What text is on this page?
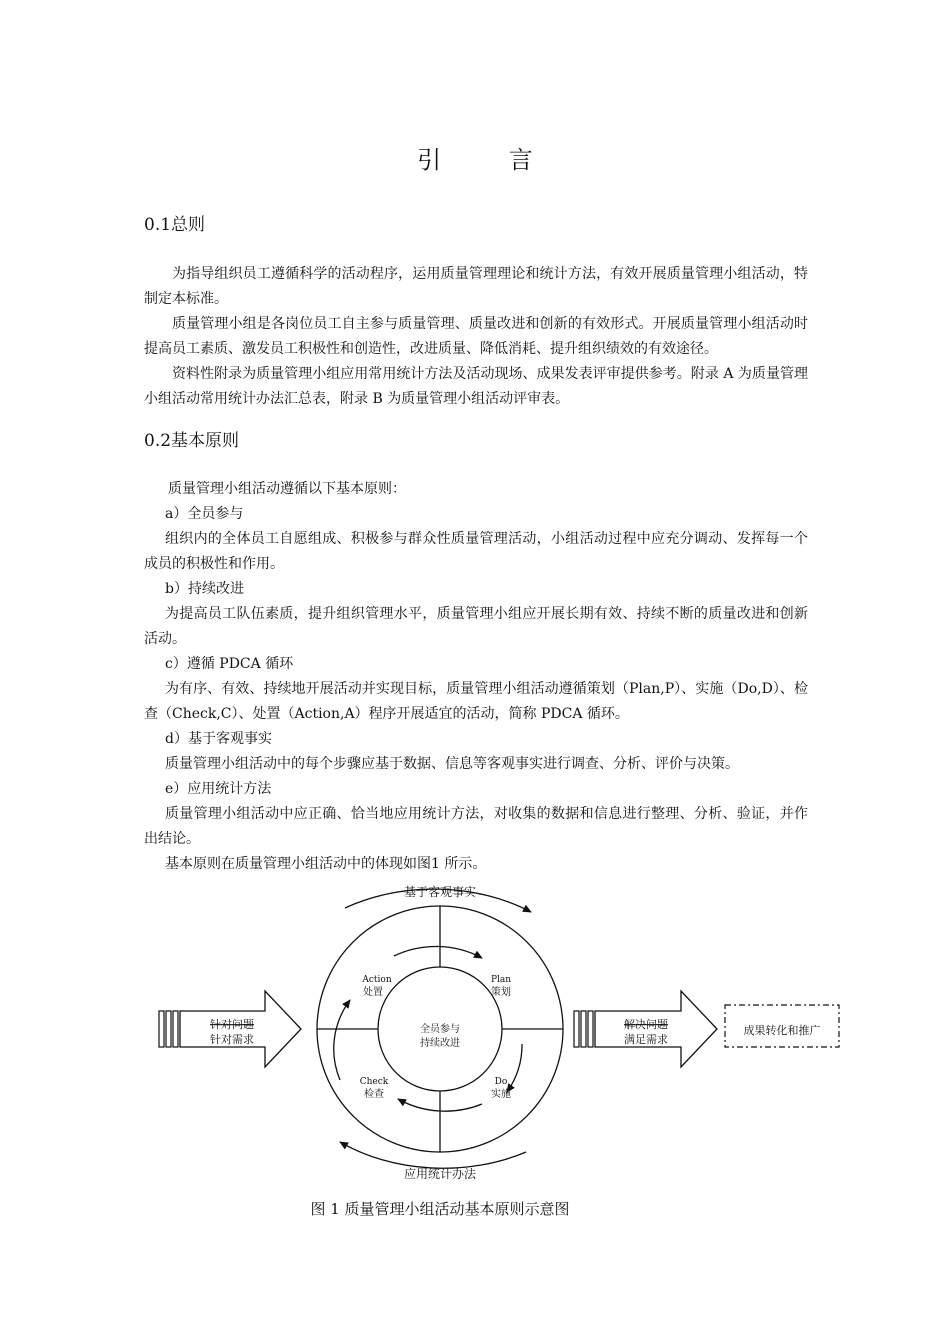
引 言
0.1总则
为指导组织员工遵循科学的活动程序，运用质量管理理论和统计方法，有效开展质量管理小组活动，特制定本标准。
质量管理小组是各岗位员工自主参与质量管理、质量改进和创新的有效形式。开展质量管理小组活动时提高员工素质、激发员工积极性和创造性，改进质量、降低消耗、提升组织绩效的有效途径。
资料性附录为质量管理小组应用常用统计方法及活动现场、成果发表评审提供参考。附录 A 为质量管理小组活动常用统计办法汇总表，附录 B 为质量管理小组活动评审表。
0.2基本原则
质量管理小组活动遵循以下基本原则：
a）全员参与
组织内的全体员工自愿组成、积极参与群众性质量管理活动，小组活动过程中应充分调动、发挥每一个成员的积极性和作用。
b）持续改进
为提高员工队伍素质，提升组织管理水平，质量管理小组应开展长期有效、持续不断的质量改进和创新活动。
c）遵循 PDCA 循环
为有序、有效、持续地开展活动并实现目标，质量管理小组活动遵循策划（Plan,P）、实施（Do,D）、检查（Check,C）、处置（Action,A）程序开展适宜的活动，简称 PDCA 循环。
d）基于客观事实
质量管理小组活动中的每个步骤应基于数据、信息等客观事实进行调查、分析、评价与决策。
e）应用统计方法
质量管理小组活动中应正确、恰当地应用统计方法，对收集的数据和信息进行整理、分析、验证，并作出结论。
基本原则在质量管理小组活动中的体现如图1 所示。
基于客观事实
应用统计办法
全员参与
持续改进
Action
处置
Plan
策划
Check
检查
Do
实施
针对问题
针对需求
解决问题
满足需求
成果转化和推广
图 1 质量管理小组活动基本原则示意图
